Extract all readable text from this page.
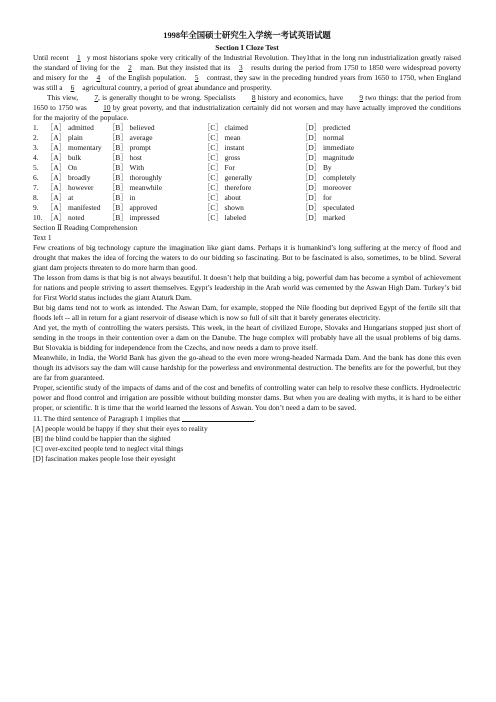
1998年全国硕士研究生入学统一考试英语试题
Section I Cloze Test

Until recent 1 y most historians spoke very critically of the Industrial Revolution. They1that in the long run industrialization greatly raised the standard of living for the 2 man. But they insisted that its 3 results during the period from 1750 to 1850 were widespread poverty and misery for the 4 of the English population. 5 contrast, they saw in the preceding hundred years from 1650 to 1750, when England was still a 6 agricultural country, a period of great abundance and prosperity.

This view, 7, is generally thought to be wrong. Specialists 8 history and economics, have 9 two things: that the period from 1650 to 1750 was 10 by great poverty, and that industrialization certainly did not worsen and may have actually improved the conditions for the majority of the populace.

1.	［A］ admitted	［B］ believed	［C］ claimed	［D］ predicted
2.	［A］ plain	［B］ average	［C］ mean	［D］ normal
3.	［A］ momentary ［B］ prompt	［C］ instant	［D］ immediate
4.	［A］ bulk	［B］ host	［C］ gross	［D］ magnitude
5.	［A］ On	［B］ With	［C］ For	［D］ By
6.	［A］ broadly	［B］ thoroughly	［C］ generally	［D］ completely
7.	［A］ however	［B］ meanwhile	［C］ therefore	［D］ moreover
8.	［A］ at	［B］ in	［C］ about	［D］ for
9.	［A］ manifested	［B］ approved	［C］ shown	［D］ speculated
10. ［A］ noted	［B］ impressed	［C］ labeled	［D］ marked
Section Ⅱ Reading Comprehension
Text 1

Few creations of big technology capture the imagination like giant dams. Perhaps it is humankind’s long suffering at the mercy of flood and drought that makes the idea of forcing the waters to do our bidding so fascinating. But to be fascinated is also, sometimes, to be blind. Several giant dam projects threaten to do more harm than good.

The lesson from dams is that big is not always beautiful. It doesn’t help that building a big, powerful dam has become a symbol of achievement for nations and people striving to assert themselves. Egypt’s leadership in the Arab world was cemented by the Aswan High Dam. Turkey’s bid for First World status includes the giant Ataturk Dam.

But big dams tend not to work as intended. The Aswan Dam, for example, stopped the Nile flooding but deprived Egypt of the fertile silt that floods left -- all in return for a giant reservoir of disease which is now so full of silt that it barely generates electricity.

And yet, the myth of controlling the waters persists. This week, in the heart of civilized Europe, Slovaks and Hungarians stopped just short of sending in the troops in their contention over a dam on the Danube. The huge complex will probably have all the usual problems of big dams. But Slovakia is bidding for independence from the Czechs, and now needs a dam to prove itself.

Meanwhile, in India, the World Bank has given the go-ahead to the even more wrong-headed Narmada Dam. And the bank has done this even though its advisors say the dam will cause hardship for the powerless and environmental destruction. The benefits are for the powerful, but they are far from guaranteed.

Proper, scientific study of the impacts of dams and of the cost and benefits of controlling water can help to resolve these conflicts. Hydroelectric power and flood control and irrigation are possible without building monster dams. But when you are dealing with myths, it is hard to be either proper, or scientific. It is time that the world learned the lessons of Aswan. You don’t need a dam to be saved.

11. The third sentence of Paragraph 1 implies that	.
[A] people would be happy if they shut their eyes to reality
[B] the blind could be happier than the sighted
[C] over-excited people tend to neglect vital things
[D] fascination makes people lose their eyesight
